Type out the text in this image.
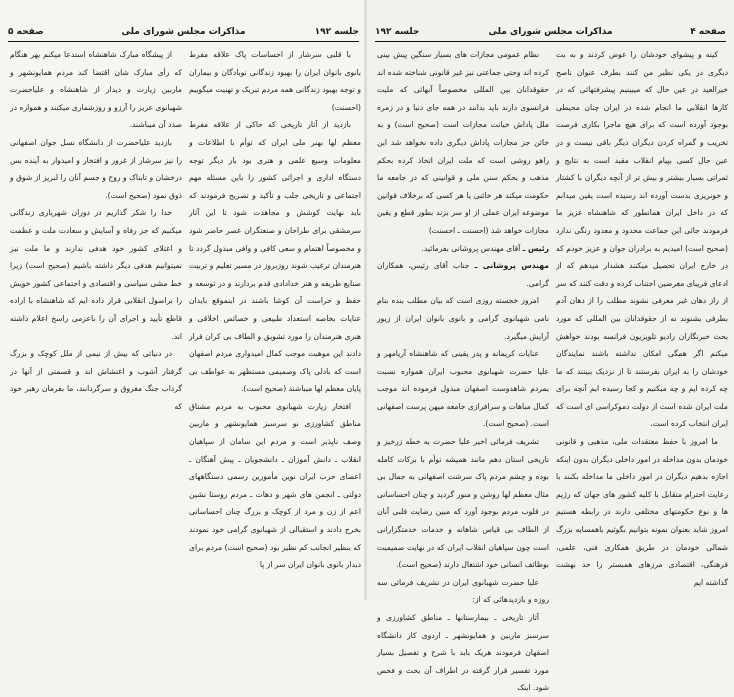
جلسه ۱۹۲
مذاکرات مجلس شورای ملی
صفحه ۵

با قلبی سرشار از احساسات پاک علاقه مفرط بانوی بانوان ایران را بهبود زندگانی نوبادگان و بیماران و توجه بهبود زندگانی همه مردم تبریک و تهنیت میگوییم (احسنت)

بازدید از آثار تاریخی که حاکی از علاقه مفرط معظم لها بهنر ملی ایران که توأم با اطلاعات و معلومات وسیع علمی و هنری بود بار دیگر توجه دستگاه اداری و اجرائی کشور را باین مسئله مهم اجتماعی و تاریخی جلب و تأکید و تصریح فرمودند که باید نهایت کوشش و مجاهدت شود تا این آثار سرمشقی برای طراحان و صنعتگران عصر حاضر شود و مخصوصاً اهتمام و سعی کافی و وافی مبذول گردد تا هنرمندان ترغیب شوند روزبروز در مسیر تعلیم و تربیت صنایع ظریفه و هنر خدادادی قدم بردارند و در توسعه و حفظ و حراست آن کوشا باشند در اینموقع بایدان عنایات بخاصه استعداد طبیعی و خصائص اخلاقی و هنری هنرمندان را مورد تشویق و الطاف بی کران قرار دادند این موهبت موجب کمال امیدواری مردم اصفهان است که بادلی پاک وصمیمی مستظهر به عواطف بی پایان معظم لها میباشند (صحیح است).

افتخار زیارت شهبانوی محبوب به مردم مشتاق مناطق کشاورزی نو سرسبز همایونشهر و ماربین وصف ناپذیر است و مردم این سامان از سپاهیان انقلاب ـ دانش آموزان ـ دانشجویان ـ پیش آهنگان ـ اعضای حزب ایران نوین مأمورین رسمی دستگاههای دولتی ـ انجمن های شهر و دهات ـ مردم روستا نشین اعم از زن و مرد از کوچک و بزرگ چنان احساساتی بخرج دادند و استقبالی از شهبانوی گرامی خود نمودند که بنظیر انجانب کم نظیر بود (صحیح است) مردم برای دیدار بانوی بانوان ایران سر از پا

از پیشگاه مبارک شاهنشاه استدعا میکنم بهر هنگام که رأی مبارک شان اقتضا کند مردم همایونشهر و ماربین زیارت و دیدار از شاهنشاه و علیاحضرت شهبانوی عزیز را آرزو و روزشماری میکنند و همواره در صدد آن میباشند.

بازدید علیاحضرت از دانشگاه نسل جوان اصفهانی را نیز سرشار از غرور و افتخار و امیدوار به آینده بس درخشان و تابناک و روح و جسم آنان را لبریز از شوق و ذوق نمود (صحیح است).

خدا را شکر گذاریم در دوران شهریاری زندگانی میکنیم که جز رفاه و آسایش و سعادت ملت و عظمت و اعتلای کشور خود هدفی ندارند و ما ملت نیز نمیتوانیم هدفی دیگر داشته باشیم (صحیح است) زیرا خط مشی سیاسی و اقتصادی و اجتماعی کشور خویش را براصول انقلابی قرار داده ایم که شاهنشاه با اراده قاطع تأیید و اجرای آن را باعزمی راسخ اعلام داشته اند.

در دنیائی که بیش از نیمی از ملل کوچک و بزرگ گرفتار آشوب و اغتشاش اند و قسمتی از آنها در گرداب جنگ مغروق و سرگردانند، ما بفرمان رهبر خود که

صفحه ۴
مذاکرات مجلس شورای ملی
جلسه ۱۹۲

کینه و پیشوای خودشان را عوض کردند و به بت دیگری در یکی نظیر من کنند بطرف عنوان ناصح خیرالعید در عین حال که میبینیم پیشرفتهائی که در کارها انقلابی ما انجام شده در ایران چنان محیطی بوجود آورده است که برای هیچ ماجرا بکاری فرصت تخریب و گمراه کردن دیگران دیگر باقی نیست و در عین حال کسی بپیام انقلاب مقید است به نتایج و ثمراتی بسیار بیشتر و بیش تر از آنچه دیگران با کشتار و خونریزی بدست آورده اند رسیده است یقین میدانم که در داخل ایران همانطور که شاهنشاه عزیز ما فرمودند جائی این جماعت محدود و معدود رنگی ندارد (صحیح است) امیدیم به برادران جوان و عزیز خودم که در خارج ایران تحصیل میکنند هشدار میدهم که از ادعای فریبای مغرضین اجتناب کرده و دقت کنند که سر از راز دهان غیر معرفی نشوند مطلب را از دهان آدم بطرفی بشنوند نه از حقوقدانان بین المللی که مورد بحث خبرنگاران رادیو تلویزیون فرانسه بودند خواهش میکنم اگر همگی امکان نداشته باشند نمایندگان خودشان را به ایران بفرستند تا از نزدیک ببینند که ما چه کرده ایم و چه میکنیم و کجا رسیده ایم آنچه برای ملت ایران شده است از دولت دموکراسی ای است که ایران انتخاب کرده است.

ما امروز با حفظ معتقدات ملی، مذهبی و قانونی خودمان بدون مداخله در امور داخلی دیگران بدون اینکه اجازه بدهیم دیگران در امور داخلی ما مداخله بکنند با رعایت احترام متقابل با کلیه کشور های جهان که رژیم ها و نوع حکومتهای مختلفی دارند در رابطه هستیم امروز شاید بعنوان نمونه بتوانیم بگوئیم باهمسایه بزرگ شمالی خودمان در طریق همکاری فنی، علمی، فرهنگی، اقتصادی مرزهای همبستر را حد بهشت گذاشته ایم

نظام عمومی مجازات های بسیار سنگین پیش بینی کرده اند وحتی جماعتی نیز غیر قانونی شناخته شده اند حقوقدانان بین المللی مخصوصاً آنهائی که ملیت فرانسوی دارند باید بدانند در همه جای دنیا و در زمره ملل پاداش خیانت مجازات است (صحیح است) و به خائن جز مجازات پاداش دیگری داده نخواهد شد این راهو روشی است که ملت ایران اتخاذ کرده بحکم مذهب و بحکم سنن ملی و قوانینی که در جامعه ما حکومت میکند هر خائنی یا هر کسی که برخلاف قوانین موضوعه ایران عملی از او سر بزند بطور قطع و یقین مجازات خواهد شد (احسنت ـ احسنت)

رئیس ـ آقای مهندس پروشانی بفرمائید.

مهندس پروشانی ـ جناب آقای رئیس، همکاران گرامی.

امروز خجسته روزی است که بیان مطلب بنده بنام نامی شهبانوی گرامی و بانوی بانوان ایران از زیور آرایش میگیرد.

عنایات کریمانه و پدر یقینی که شاهنشاه آریامهر و علیا حضرت شهبانوی محبوب ایران همواره نسبت بمردم شاهدوست اصفهان مبذول فرموده اند موجب کمال مباهات و سرافرازی جامعه میهن پرست اصفهانی است. (صحیح است).

تشریف فرمائی اخیر علیا حضرت به خطه زرخیز و تاریخی استان دهم مانند همیشه توأم با برکات کامله بوده و چشم مردم پاک سرشت اصفهانی به جمال بی مثال معظم لها روشن و منور گردید و چنان احساساتی در قلوب مردم بوجود آورد که مبین رضایت قلبی آنان از الطاف بی قیاس شاهانه و خدمات خدمتگزارانی است چون سپاهیان انقلاب ایران که در نهایت صمیمیت بوظائف انسانی خود اشتغال دارند (صحیح است).

علیا حضرت شهبانوی ایران در تشریف فرمائی سه روزه و بازدیدهائی که از:

آثار تاریخی ـ بیمارستانها ـ مناطق کشاورزی و سرسبز ماربین و همایونشهر ـ اردوی کار دانشگاه اصفهان فرمودند هریک باید با شرح و تفصیل بسیار مورد تفسیر قرار گرفته در اطراف آن بحث و فحص شود. اینک
